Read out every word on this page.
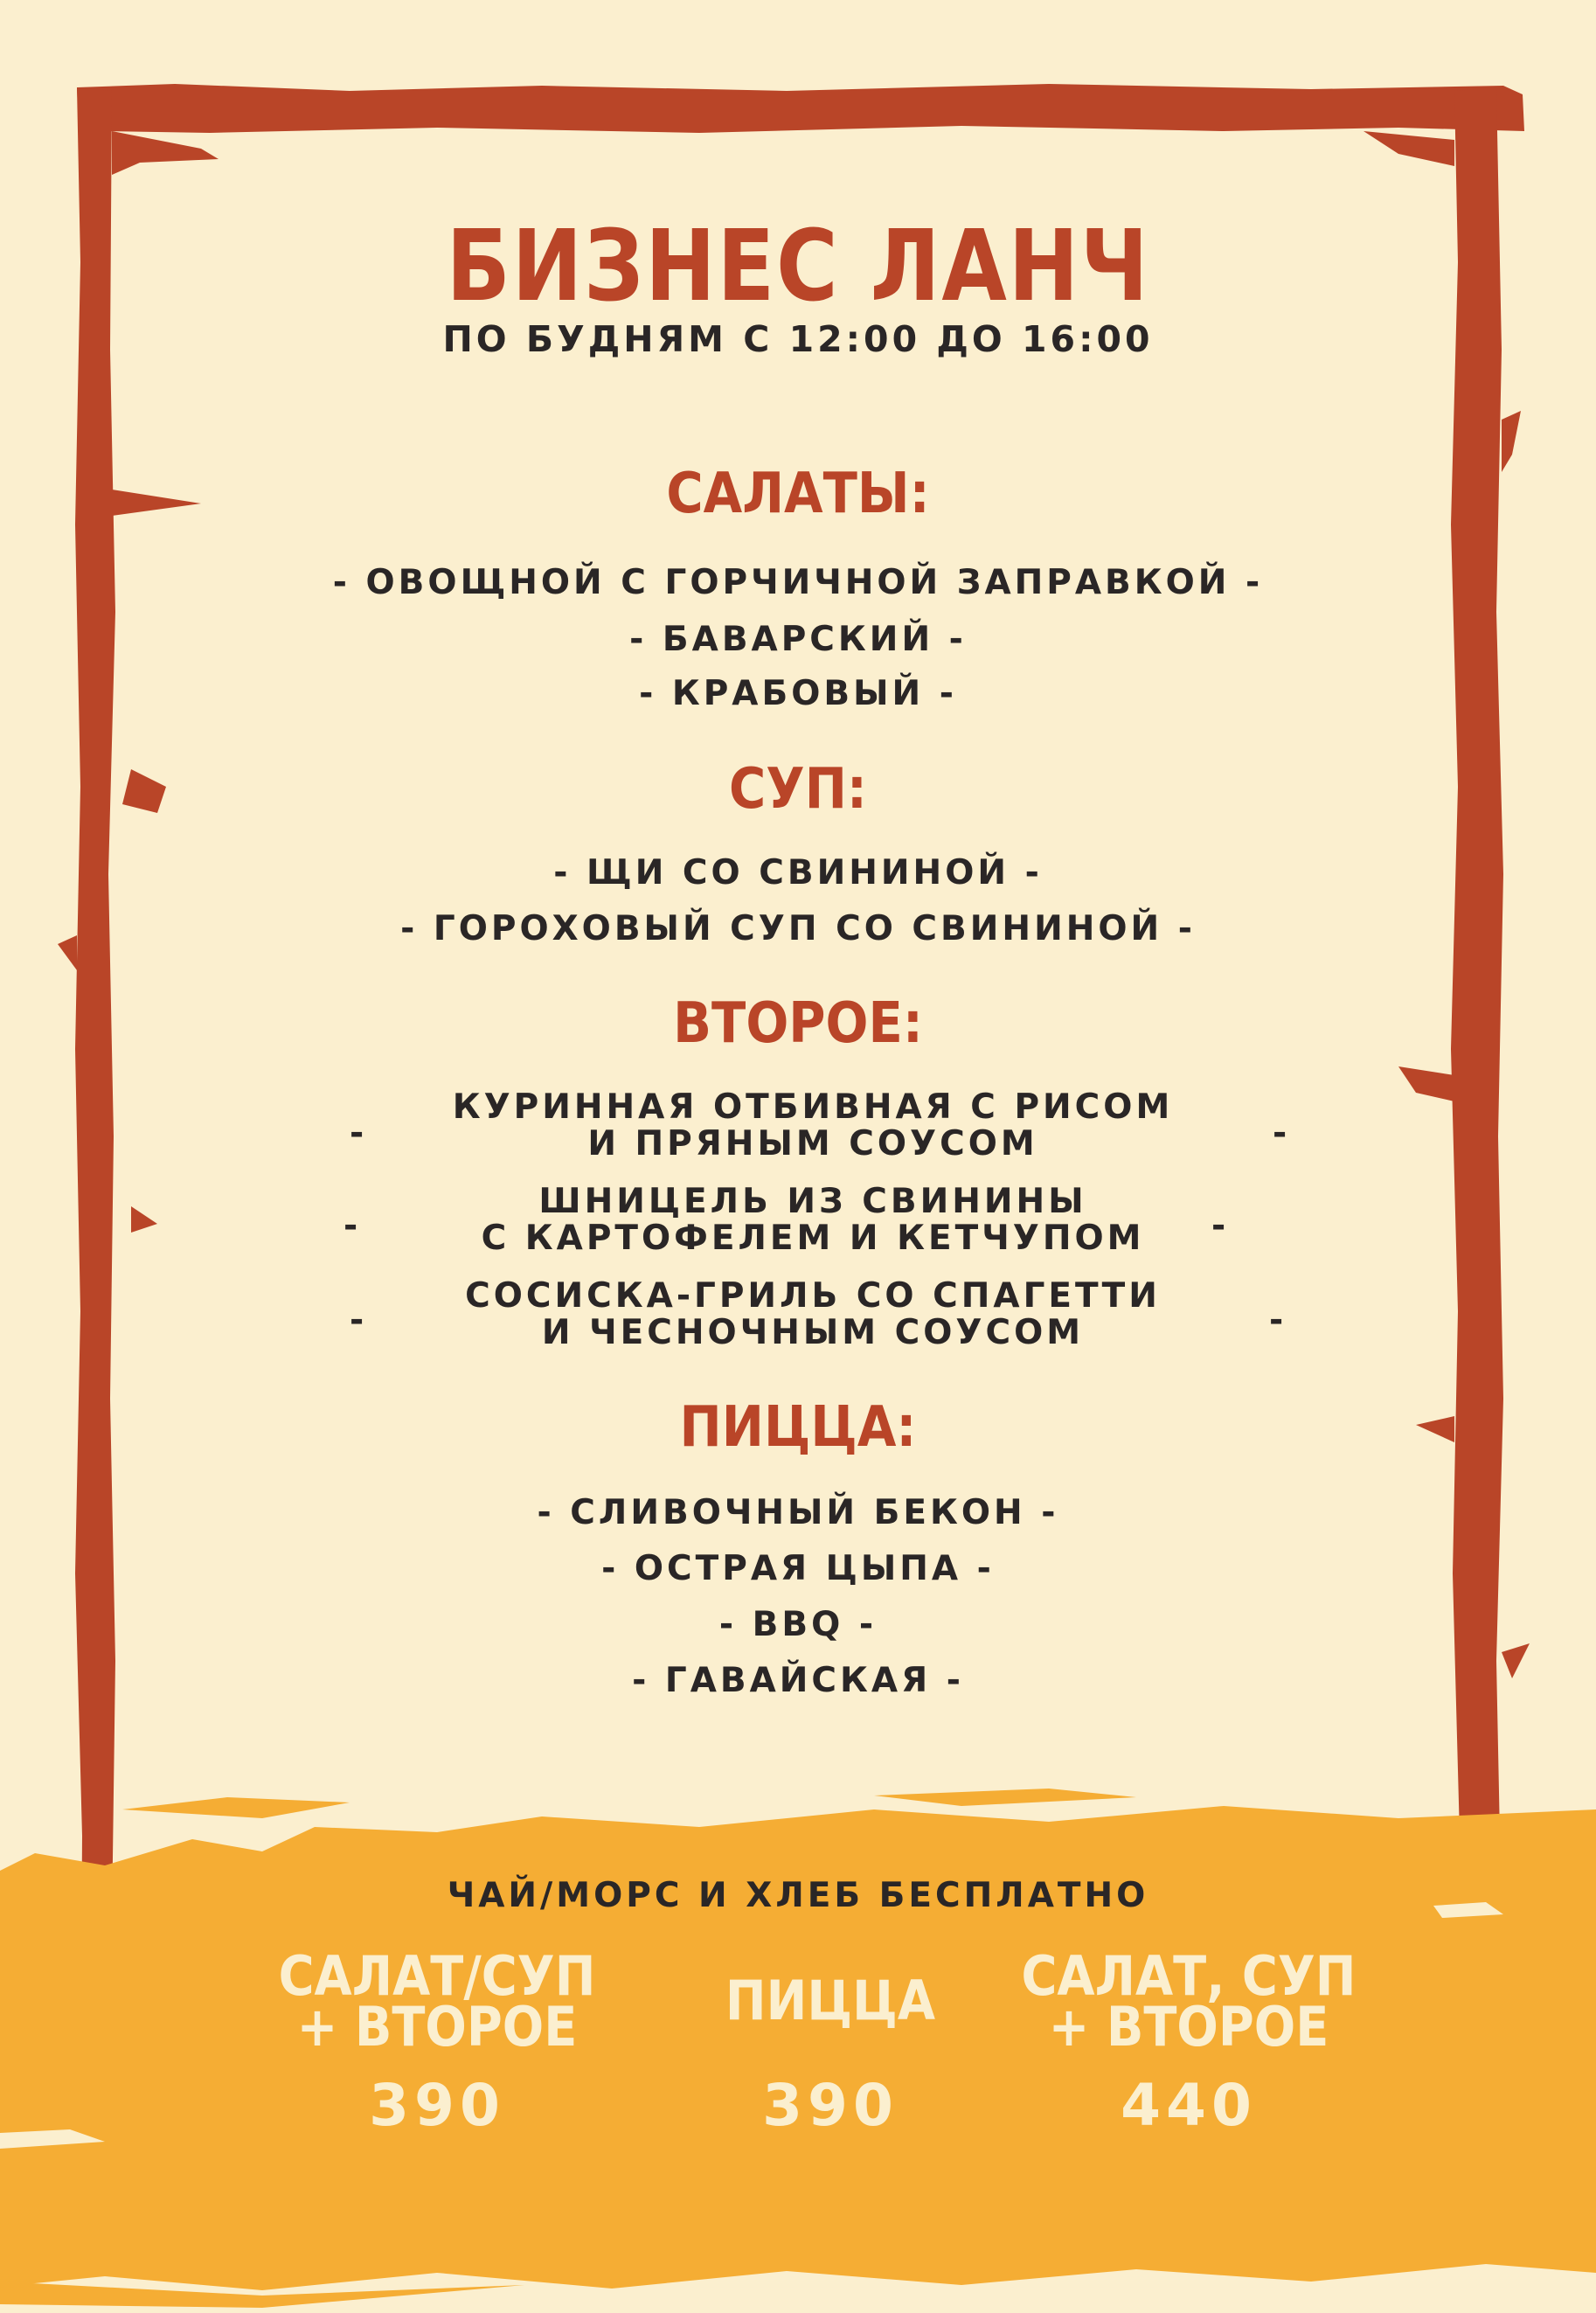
БИЗНЕС ЛАНЧ
ПО БУДНЯМ С 12:00 ДО 16:00
САЛАТЫ:
- ОВОЩНОЙ С ГОРЧИЧНОЙ ЗАПРАВКОЙ -
- БАВАРСКИЙ -
- КРАБОВЫЙ -
СУП:
- ЩИ СО СВИНИНОЙ -
- ГОРОХОВЫЙ СУП СО СВИНИНОЙ -
ВТОРОЕ:
-
КУРИННАЯ ОТБИВНАЯ С РИСОМ
И ПРЯНЫМ СОУСОМ	-
-
ШНИЦЕЛЬ ИЗ СВИНИНЫ
С КАРТОФЕЛЕМ И КЕТЧУПОМ	-
-
СОСИСКА-ГРИЛЬ СО СПАГЕТТИ
И ЧЕСНОЧНЫМ СОУСОМ	-
ПИЦЦА:
- СЛИВОЧНЫЙ БЕКОН -
- ОСТРАЯ ЦЫПА -
- BBQ -
- ГАВАЙСКАЯ -
ЧАЙ/МОРС И ХЛЕБ БЕСПЛАТНО
САЛАТ/СУП
+ ВТОРОЕ
390
ПИЦЦА
390
САЛАТ, СУП
+ ВТОРОЕ
440
